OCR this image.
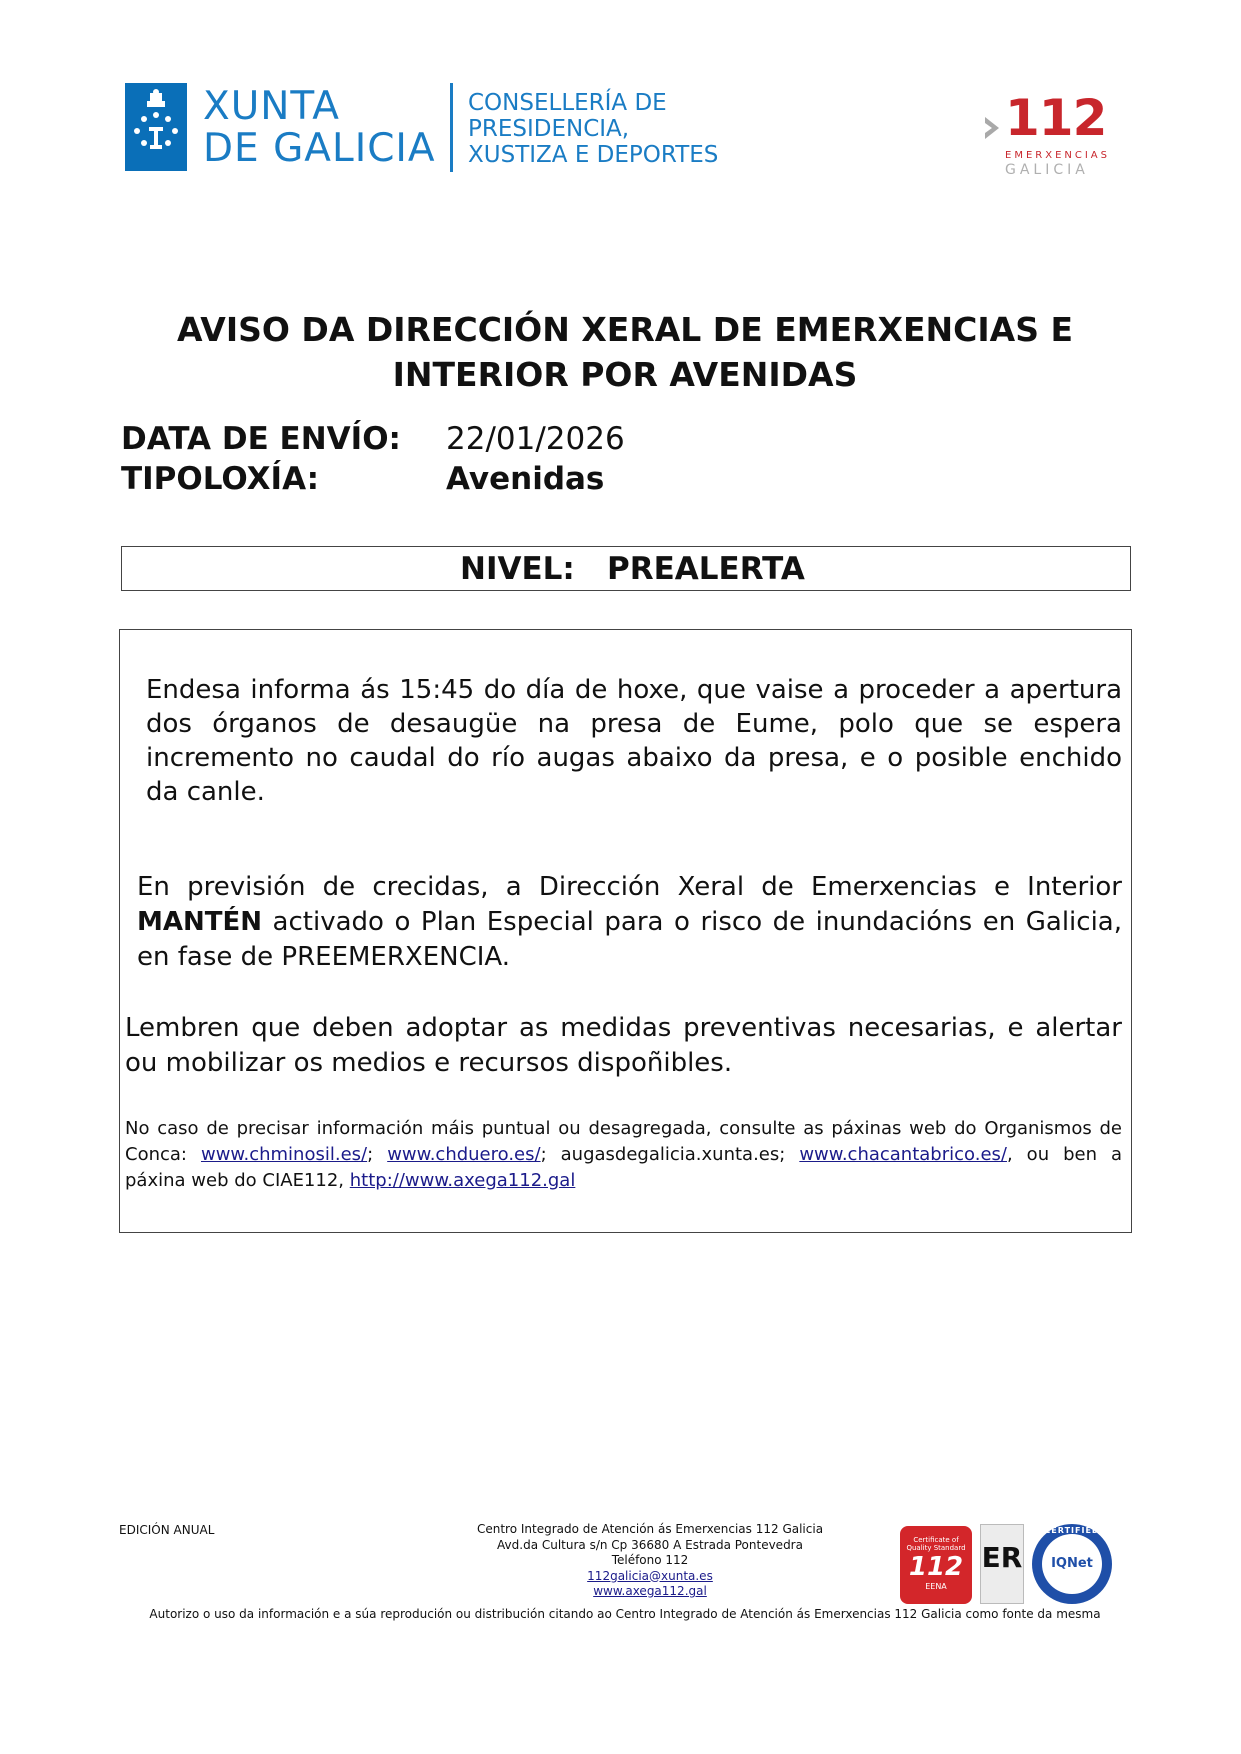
XUNTA
DE GALICIA
CONSELLERÍA DE
PRESIDENCIA,
XUSTIZA E DEPORTES
112
EMERXENCIAS
GALICIA
AVISO DA DIRECCIÓN XERAL DE EMERXENCIAS E
INTERIOR POR AVENIDAS
DATA DE ENVÍO: 22/01/2026
TIPOLOXÍA:	Avenidas
NIVEL: PREALERTA
Endesa informa ás 15:45 do día de hoxe, que vaise a proceder a apertura dos órganos de desaugüe na presa de Eume, polo que se espera incremento no caudal do río augas abaixo da presa, e o posible enchido da canle.
En previsión de crecidas, a Dirección Xeral de Emerxencias e Interior MANTÉN activado o Plan Especial para o risco de inundacións en Galicia, en fase de PREEMERXENCIA.
Lembren que deben adoptar as medidas preventivas necesarias, e alertar ou mobilizar os medios e recursos dispoñibles.
No caso de precisar información máis puntual ou desagregada, consulte as páxinas web do Organismos de Conca: www.chminosil.es/; www.chduero.es/; augasdegalicia.xunta.es; www.chacantabrico.es/, ou ben a páxina web do CIAE112, http://www.axega112.gal
EDICIÓN ANUAL	Centro Integrado de Atención ás Emerxencias 112 Galicia
Avd.da Cultura s/n Cp 36680 A Estrada Pontevedra
Teléfono 112
112galicia@xunta.es
www.axega112.gal
Certificate of Quality Standard
112
EENA
ER
CERTIFIED
IQNet
Autorizo o uso da información e a súa reprodución ou distribución citando ao Centro Integrado de Atención ás Emerxencias 112 Galicia como fonte da mesma
